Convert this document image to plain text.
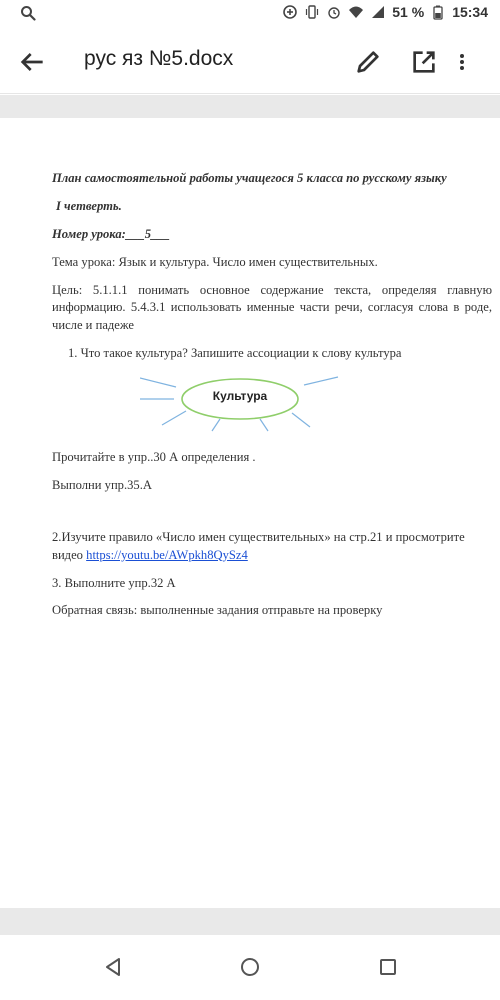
51 % 15:34
рус яз №5.docx

План самостоятельной работы учащегося 5 класса по русскому языку

I четверть.

Номер урока:___5___

Тема урока: Язык и культура. Число имен существительных.

Цель: 5.1.1.1 понимать основное содержание текста, определяя главную информацию. 5.4.3.1 использовать именные части речи, согласуя слова в роде, числе и падеже

1. Что такое культура? Запишите ассоциации к слову культура

Культура

Прочитайте в упр..30 А определения .

Выполни упр.35.А

2.Изучите правило «Число имен существительных» на стр.21 и просмотрите видео https://youtu.be/AWpkh8QySz4

3. Выполните упр.32 А

Обратная связь: выполненные задания отправьте на проверку
